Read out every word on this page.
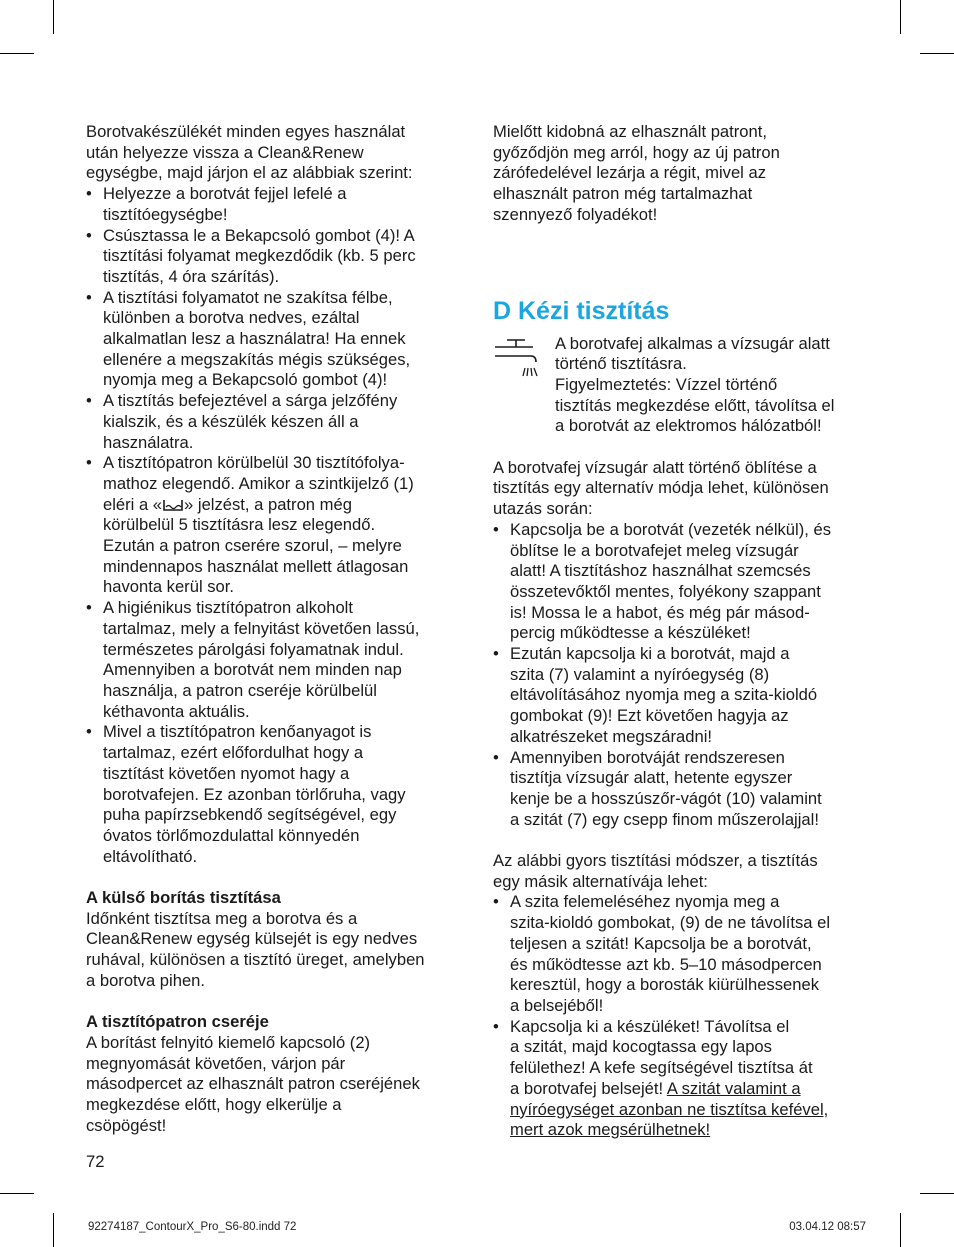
Borotvakészülékét minden egyes használat
után helyezze vissza a Clean&Renew
egységbe, majd járjon el az alábbiak szerint:

• Helyezze a borotvát fejjel lefelé a
tisztítóegységbe!
• Csúsztassa le a Bekapcsoló gombot (4)! A
tisztítási folyamat megkezdődik (kb. 5 perc
tisztítás, 4 óra szárítás).
• A tisztítási folyamatot ne szakítsa félbe,
különben a borotva nedves, ezáltal
alkalmatlan lesz a használatra! Ha ennek
ellenére a megszakítás mégis szükséges,
nyomja meg a Bekapcsoló gombot (4)!
• A tisztítás befejeztével a sárga jelzőfény
kialszik, és a készülék készen áll a
használatra.
• A tisztítópatron körülbelül 30 tisztítófolya-
mathoz elegendő. Amikor a szintkijelző (1)
eléri a « » jelzést, a patron még
körülbelül 5 tisztításra lesz elegendő.
Ezután a patron cserére szorul, – melyre
mindennapos használat mellett átlagosan
havonta kerül sor.
• A higiénikus tisztítópatron alkoholt
tartalmaz, mely a felnyitást követően lassú,
természetes párolgási folyamatnak indul.
Amennyiben a borotvát nem minden nap
használja, a patron cseréje körülbelül
kéthavonta aktuális.
• Mivel a tisztítópatron kenőanyagot is
tartalmaz, ezért előfordulhat hogy a
tisztítást követően nyomot hagy a
borotvafejen. Ez azonban törlőruha, vagy
puha papírzsebkendő segítségével, egy
óvatos törlőmozdulattal könnyedén
eltávolítható.

A külső borítás tisztítása

Időnként tisztítsa meg a borotva és a
Clean&Renew egység külsejét is egy nedves
ruhával, különösen a tisztító üreget, amelyben
a borotva pihen.

A tisztítópatron cseréje

A borítást felnyitó kiemelő kapcsoló (2)
megnyomását követően, várjon pár
másodpercet az elhasznált patron cseréjének
megkezdése előtt, hogy elkerülje a
csöpögést!

Mielőtt kidobná az elhasznált patront,
győződjön meg arról, hogy az új patron
zárófedelével lezárja a régit, mivel az
elhasznált patron még tartalmazhat
szennyező folyadékot!

D Kézi tisztítás

A borotvafej alkalmas a vízsugár alatt
történő tisztításra.
Figyelmeztetés: Vízzel történő
tisztítás megkezdése előtt, távolítsa el
a borotvát az elektromos hálózatból!

A borotvafej vízsugár alatt történő öblítése a
tisztítás egy alternatív módja lehet, különösen
utazás során:

• Kapcsolja be a borotvát (vezeték nélkül), és
öblítse le a borotvafejet meleg vízsugár
alatt! A tisztításhoz használhat szemcsés
összetevőktől mentes, folyékony szappant
is! Mossa le a habot, és még pár másod-
percig működtesse a készüléket!
• Ezután kapcsolja ki a borotvát, majd a
szita (7) valamint a nyíróegység (8)
eltávolításához nyomja meg a szita-kioldó
gombokat (9)! Ezt követően hagyja az
alkatrészeket megszáradni!
• Amennyiben borotváját rendszeresen
tisztítja vízsugár alatt, hetente egyszer
kenje be a hosszúszőr-vágót (10) valamint
a szitát (7) egy csepp finom műszerolajjal!

Az alábbi gyors tisztítási módszer, a tisztítás
egy másik alternatívája lehet:

• A szita felemeléséhez nyomja meg a
szita-kioldó gombokat, (9) de ne távolítsa el
teljesen a szitát! Kapcsolja be a borotvát,
és működtesse azt kb. 5–10 másodpercen
keresztül, hogy a borosták kiürülhessenek
a belsejéből!
• Kapcsolja ki a készüléket! Távolítsa el
a szitát, majd kocogtassa egy lapos
felülethez! A kefe segítségével tisztítsa át
a borotvafej belsejét! A szitát valamint a
nyíróegységet azonban ne tisztítsa kefével,
mert azok megsérülhetnek!
72
92274187_ContourX_Pro_S6-80.indd 72	03.04.12 08:57
